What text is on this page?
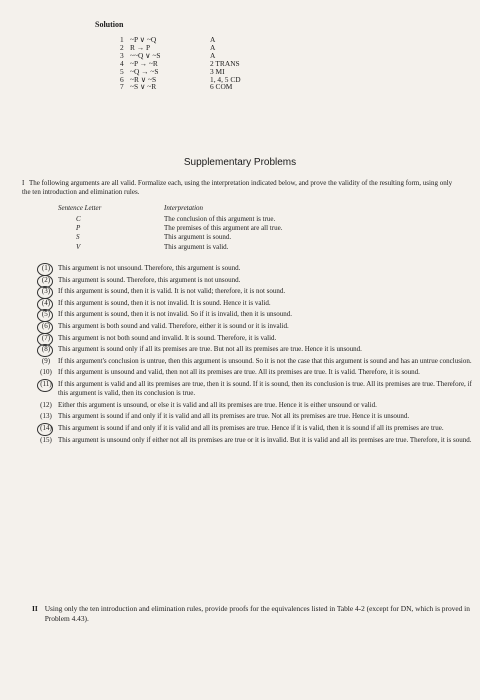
Solution
1 ~P ∨ ~Q	A
2 R → P	A
3 ~~Q ∨ ~S	A
4 ~P → ~R	2 TRANS
5 ~Q → ~S	3 MI
6 ~R ∨ ~S	1, 4, 5 CD
7 ~S ∨ ~R	6 COM
Supplementary Problems
I The following arguments are all valid. Formalize each, using the interpretation indicated below, and prove the validity of the resulting form, using only the ten introduction and elimination rules.
Sentence Letter	Interpretation
C	The conclusion of this argument is true.
P	The premises of this argument are all true.
S	This argument is sound.
V	This argument is valid.
(1)	This argument is not unsound. Therefore, this argument is sound.
(2)	This argument is sound. Therefore, this argument is not unsound.
(3)	If this argument is sound, then it is valid. It is not valid; therefore, it is not sound.
(4)	If this argument is sound, then it is not invalid. It is sound. Hence it is valid.
(5)	If this argument is sound, then it is not invalid. So if it is invalid, then it is unsound.
(6)	This argument is both sound and valid. Therefore, either it is sound or it is invalid.
(7)	This argument is not both sound and invalid. It is sound. Therefore, it is valid.
(8)	This argument is sound only if all its premises are true. But not all its premises are true. Hence it is unsound.
(9)	If this argument's conclusion is untrue, then this argument is unsound. So it is not the case that this argument is sound and has an untrue conclusion.
(10) If this argument is unsound and valid, then not all its premises are true. All its premises are true. It is valid. Therefore, it is sound.
(11) If this argument is valid and all its premises are true, then it is sound. If it is sound, then its conclusion is true. All its premises are true. Therefore, if this argument is valid, then its conclusion is true.
(12) Either this argument is unsound, or else it is valid and all its premises are true. Hence it is either unsound or valid.
(13) This argument is sound if and only if it is valid and all its premises are true. Not all its premises are true. Hence it is unsound.
(14) This argument is sound if and only if it is valid and all its premises are true. Hence if it is valid, then it is sound if all its premises are true.
(15) This argument is unsound only if either not all its premises are true or it is invalid. But it is valid and all its premises are true. Therefore, it is sound.
II Using only the ten introduction and elimination rules, provide proofs for the equivalences listed in Table 4-2 (except for DN, which is proved in Problem 4.43).
